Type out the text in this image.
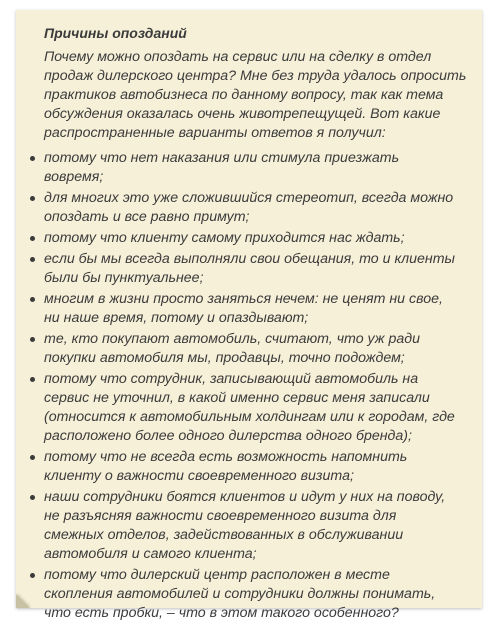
Причины опозданий
Почему можно опоздать на сервис или на сделку в отдел продаж дилерского центра? Мне без труда удалось опросить практиков автобизнеса по данному вопросу, так как тема обсуждения оказалась очень животрепещущей. Вот какие распространенные варианты ответов я получил:
потому что нет наказания или стимула приезжать вовремя;
для многих это уже сложившийся стереотип, всегда можно опоздать и все равно примут;
потому что клиенту самому приходится нас ждать;
если бы мы всегда выполняли свои обещания, то и клиенты были бы пунктуальнее;
многим в жизни просто заняться нечем: не ценят ни свое, ни наше время, потому и опаздывают;
те, кто покупают автомобиль, считают, что уж ради покупки автомобиля мы, продавцы, точно подождем;
потому что сотрудник, записывающий автомобиль на сервис не уточнил, в какой именно сервис меня записали (относится к автомобильным холдингам или к городам, где расположено более одного дилерства одного бренда);
потому что не всегда есть возможность напомнить клиенту о важности своевременного визита;
наши сотрудники боятся клиентов и идут у них на поводу, не разъясняя важности своевременного визита для смежных отделов, задействованных в обслуживании автомобиля и самого клиента;
потому что дилерский центр расположен в месте скопления автомобилей и сотрудники должны понимать, что есть пробки, – что в этом такого особенного?
